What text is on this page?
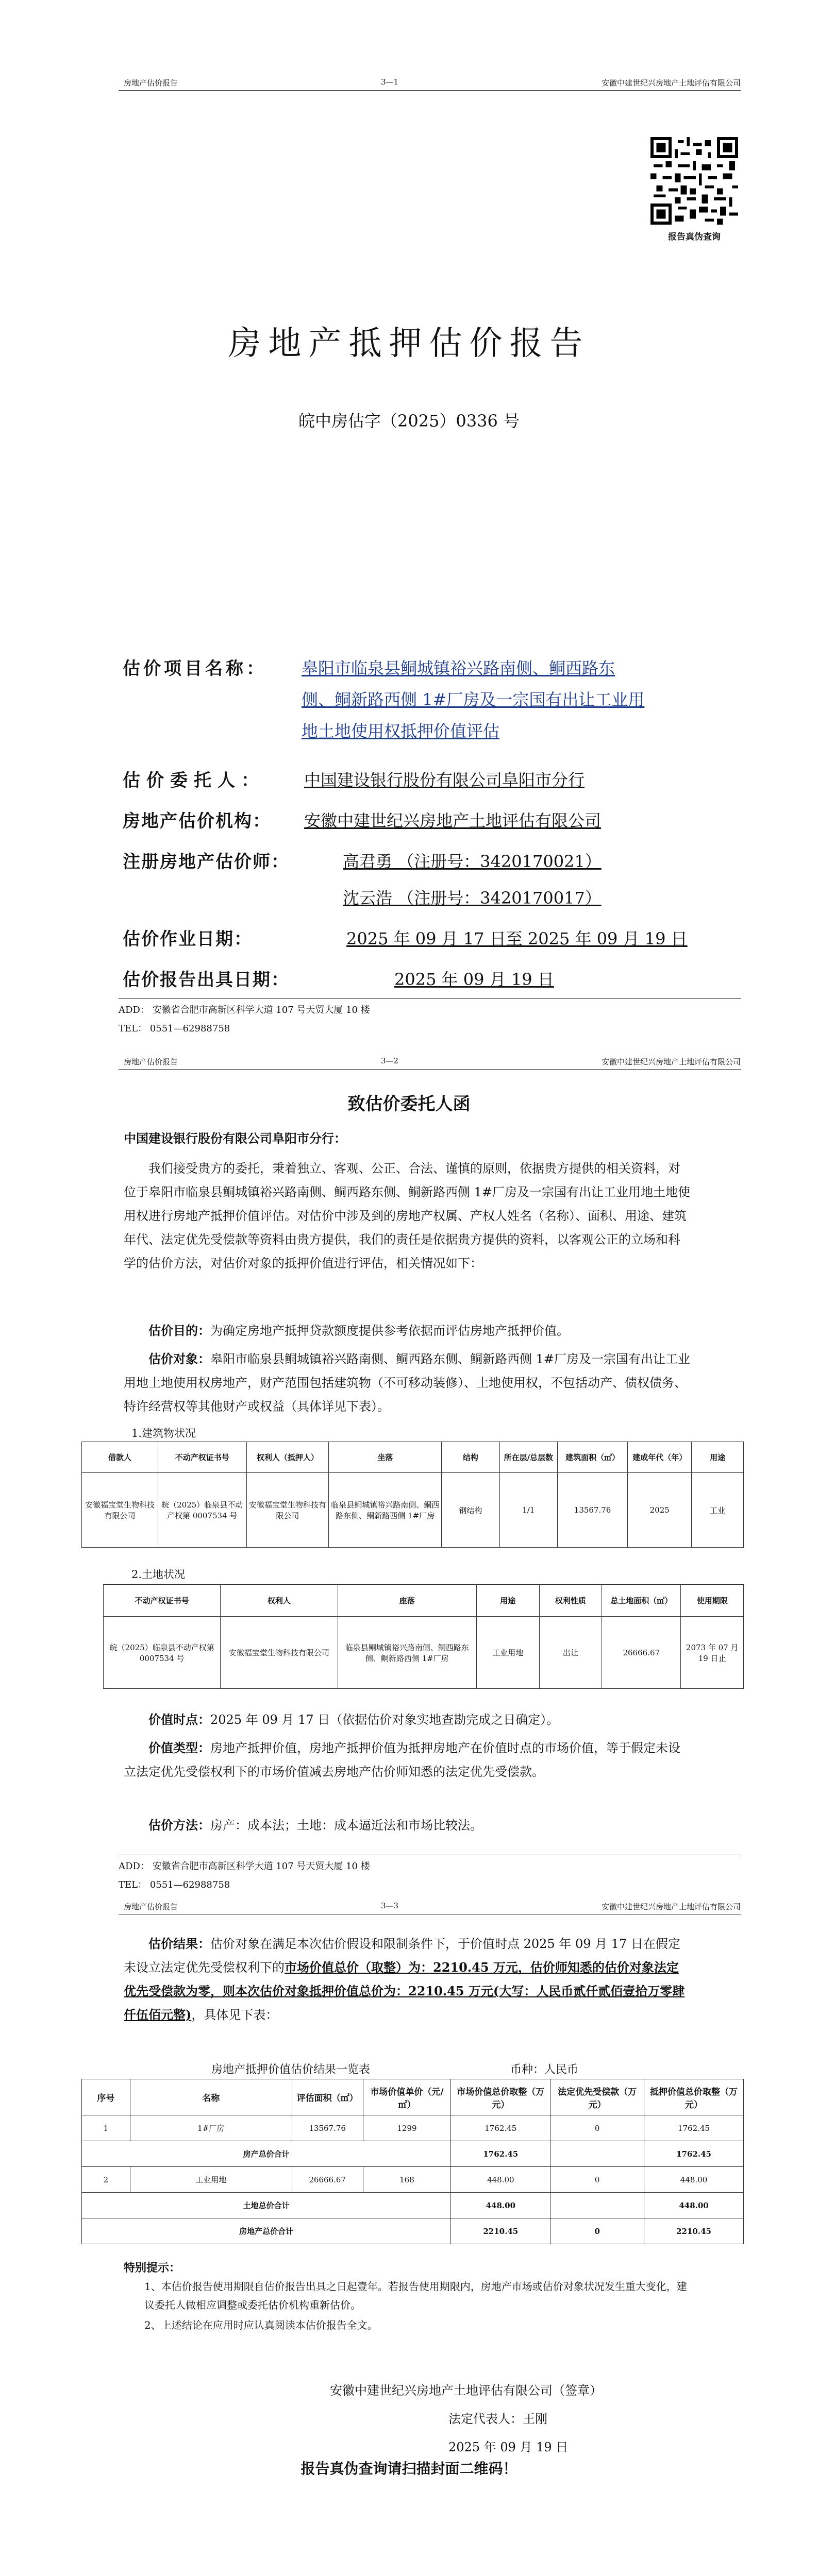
房地产估价报告	3—1	安徽中建世纪兴房地产土地评估有限公司
报告真伪查询
房地产抵押估价报告
皖中房估字（2025）0336 号
估价项目名称： 皋阳市临泉县鲖城镇裕兴路南侧、鲖西路东
侧、鲖新路西侧 1#厂房及一宗国有出让工业用
地土地使用权抵押价值评估
估价委托人： 中国建设银行股份有限公司阜阳市分行
房地产估价机构： 安徽中建世纪兴房地产土地评估有限公司
注册房地产估价师：	高君勇 （注册号：3420170021）
沈云浩 （注册号：3420170017）
估价作业日期：	2025 年 09 月 17 日至 2025 年 09 月 19 日
估价报告出具日期：	2025 年 09 月 19 日
ADD： 安徽省合肥市高新区科学大道 107 号天贸大厦 10 楼
TEL： 0551—62988758
房地产估价报告	3—2	安徽中建世纪兴房地产土地评估有限公司
致估价委托人函
中国建设银行股份有限公司阜阳市分行：
我们接受贵方的委托，秉着独立、客观、公正、合法、谨慎的原则，依据贵方提供的相关资料，对位于皋阳市临泉县鲖城镇裕兴路南侧、鲖西路东侧、鲖新路西侧 1#厂房及一宗国有出让工业用地土地使用权进行房地产抵押价值评估。对估价中涉及到的房地产权属、产权人姓名（名称）、面积、用途、建筑年代、法定优先受偿款等资料由贵方提供，我们的责任是依据贵方提供的资料，以客观公正的立场和科学的估价方法，对估价对象的抵押价值进行评估，相关情况如下：
估价目的：为确定房地产抵押贷款额度提供参考依据而评估房地产抵押价值。
估价对象：皋阳市临泉县鲖城镇裕兴路南侧、鲖西路东侧、鲖新路西侧 1#厂房及一宗国有出让工业用地土地使用权房地产，财产范围包括建筑物（不可移动装修）、土地使用权，不包括动产、债权债务、特许经营权等其他财产或权益（具体详见下表）。
1.建筑物状况
借款人	不动产权证书号	权利人（抵押人）	坐落	结构	所在层/总层数	建筑面积（㎡）	建成年代（年）	用途
安徽福宝堂生物科技有限公司	皖（2025）临泉县不动产权第 0007534 号	安徽福宝堂生物科技有限公司	临泉县鲖城镇裕兴路南侧、鲖西路东侧、鲖新路西侧 1#厂房	钢结构	1/1	13567.76	2025	工业
2.土地状况
不动产权证书号	权利人	座落	用途	权利性质	总土地面积（㎡）	使用期限
皖（2025）临泉县不动产权第 0007534 号	安徽福宝堂生物科技有限公司	临泉县鲖城镇裕兴路南侧、鲖西路东侧、鲖新路西侧 1#厂房	工业用地	出让	26666.67	2073 年 07 月 19 日止
价值时点：2025 年 09 月 17 日（依据估价对象实地查勘完成之日确定）。
价值类型：房地产抵押价值，房地产抵押价值为抵押房地产在价值时点的市场价值，等于假定未设立法定优先受偿权利下的市场价值减去房地产估价师知悉的法定优先受偿款。
估价方法：房产：成本法；土地：成本逼近法和市场比较法。
ADD： 安徽省合肥市高新区科学大道 107 号天贸大厦 10 楼
TEL： 0551—62988758
房地产估价报告	3—3	安徽中建世纪兴房地产土地评估有限公司
估价结果：估价对象在满足本次估价假设和限制条件下，于价值时点 2025 年 09 月 17 日在假定未设立法定优先受偿权利下的市场价值总价（取整）为：2210.45 万元，估价师知悉的估价对象法定优先受偿款为零，则本次估价对象抵押价值总价为：2210.45 万元(大写：人民币贰仟贰佰壹拾万零肆仟伍佰元整)，具体见下表：
房地产抵押价值估价结果一览表	币种：人民币
序号	名称	评估面积（㎡）	市场价值单价（元/㎡）	市场价值总价取整（万元）	法定优先受偿款（万元）	抵押价值总价取整（万元）
1	1#厂房	13567.76	1299	1762.45	0	1762.45
房产总价合计				1762.45		1762.45
2	工业用地	26666.67	168	448.00	0	448.00
土地总价合计				448.00		448.00
房地产总价合计				2210.45	0	2210.45
特别提示：
1、本估价报告使用期限自估价报告出具之日起壹年。若报告使用期限内，房地产市场或估价对象状况发生重大变化，建议委托人做相应调整或委托估价机构重新估价。
2、上述结论在应用时应认真阅读本估价报告全文。
安徽中建世纪兴房地产土地评估有限公司（签章）
法定代表人：王刚
2025 年 09 月 19 日
报告真伪查询请扫描封面二维码！
